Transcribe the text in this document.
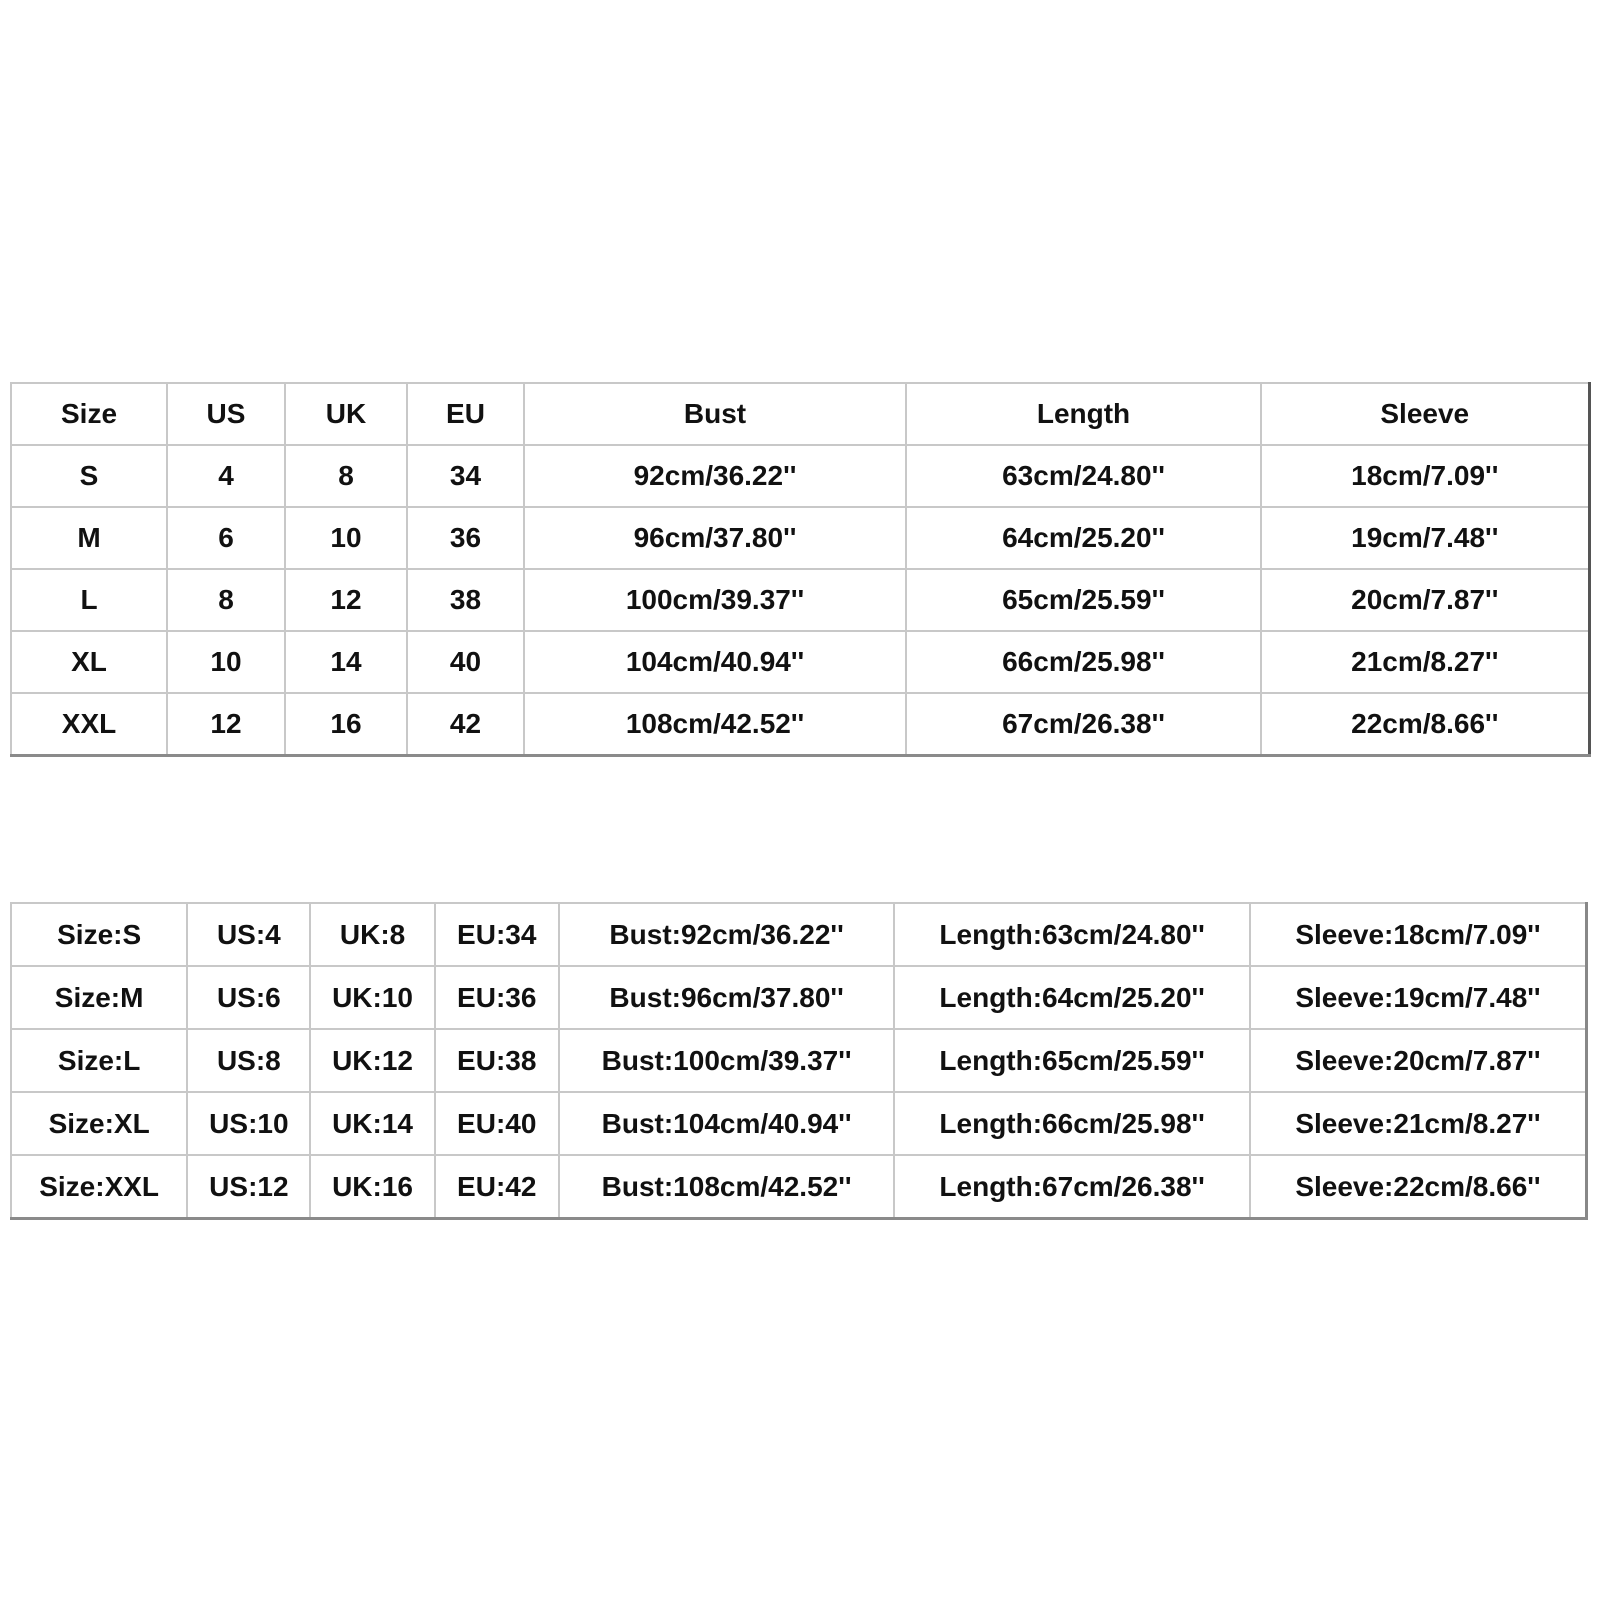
Size	US	UK	EU	Bust	Length	Sleeve
S	4	8	34	92cm/36.22''	63cm/24.80''	18cm/7.09''
M	6	10	36	96cm/37.80''	64cm/25.20''	19cm/7.48''
L	8	12	38	100cm/39.37''	65cm/25.59''	20cm/7.87''
XL	10	14	40	104cm/40.94''	66cm/25.98''	21cm/8.27''
XXL	12	16	42	108cm/42.52''	67cm/26.38''	22cm/8.66''
Size:S	US:4	UK:8	EU:34	Bust:92cm/36.22''	Length:63cm/24.80''	Sleeve:18cm/7.09''
Size:M	US:6	UK:10	EU:36	Bust:96cm/37.80''	Length:64cm/25.20''	Sleeve:19cm/7.48''
Size:L	US:8	UK:12	EU:38	Bust:100cm/39.37''	Length:65cm/25.59''	Sleeve:20cm/7.87''
Size:XL	US:10	UK:14	EU:40	Bust:104cm/40.94''	Length:66cm/25.98''	Sleeve:21cm/8.27''
Size:XXL	US:12	UK:16	EU:42	Bust:108cm/42.52''	Length:67cm/26.38''	Sleeve:22cm/8.66''
